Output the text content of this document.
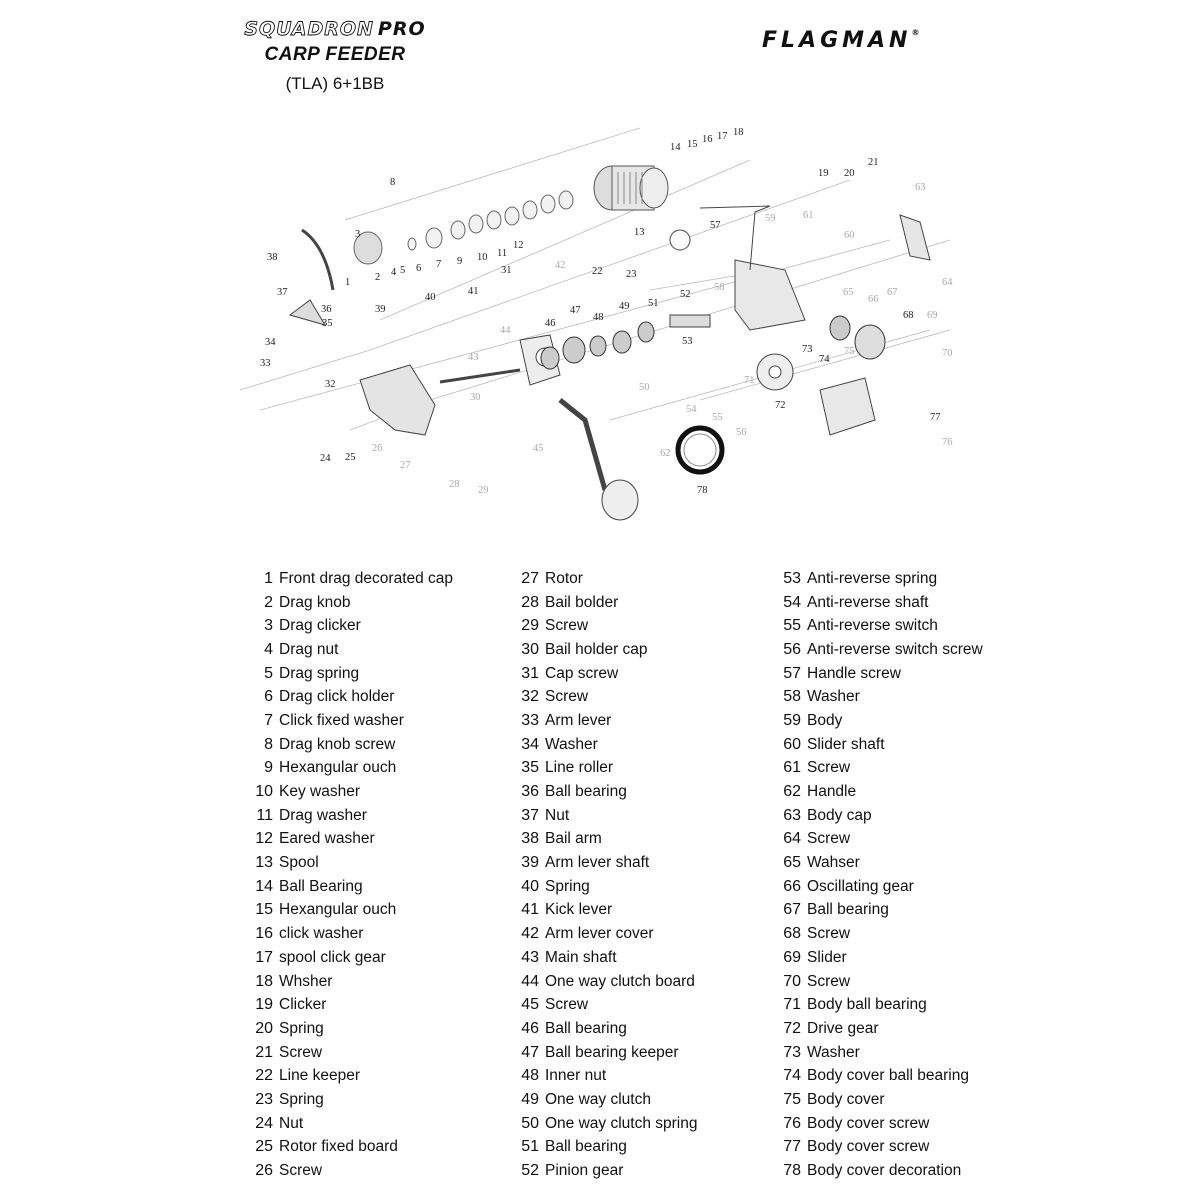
SQUADRON PRO
CARP FEEDER
(TLA) 6+1BB
FLAGMAN®
1 2
3
4 5 6 7
8
9 10 11
12
13
14 15 16 17 18
19 20
21
22 23
24 25
26
27
28
29
30
31
32
33
34
35
36
37
38
39
40
41
42
43
44
45
46
47
48
49
50
51
52
53
54
55
56
57
58
59
60
61
62
63
64
65
66
67
68 69
70
71
72
73
74
75
76
77
78
1 Front drag decorated cap
2 Drag knob
3 Drag clicker
4 Drag nut
5 Drag spring
6 Drag click holder
7 Click fixed washer
8 Drag knob screw
9 Hexangular ouch
10 Key washer
11 Drag washer
12 Eared washer
13 Spool
14 Ball Bearing
15 Hexangular ouch
16 click washer
17 spool click gear
18 Whsher
19 Clicker
20 Spring
21 Screw
22 Line keeper
23 Spring
24 Nut
25 Rotor fixed board
26 Screw
27 Rotor
28 Bail bolder
29 Screw
30 Bail holder cap
31 Cap screw
32 Screw
33 Arm lever
34 Washer
35 Line roller
36 Ball bearing
37 Nut
38 Bail arm
39 Arm lever shaft
40 Spring
41 Kick lever
42 Arm lever cover
43 Main shaft
44 One way clutch board
45 Screw
46 Ball bearing
47 Ball bearing keeper
48 Inner nut
49 One way clutch
50 One way clutch spring
51 Ball bearing
52 Pinion gear
53 Anti-reverse spring
54 Anti-reverse shaft
55 Anti-reverse switch
56 Anti-reverse switch screw
57 Handle screw
58 Washer
59 Body
60 Slider shaft
61 Screw
62 Handle
63 Body cap
64 Screw
65 Wahser
66 Oscillating gear
67 Ball bearing
68 Screw
69 Slider
70 Screw
71 Body ball bearing
72 Drive gear
73 Washer
74 Body cover ball bearing
75 Body cover
76 Body cover screw
77 Body cover screw
78 Body cover decoration
